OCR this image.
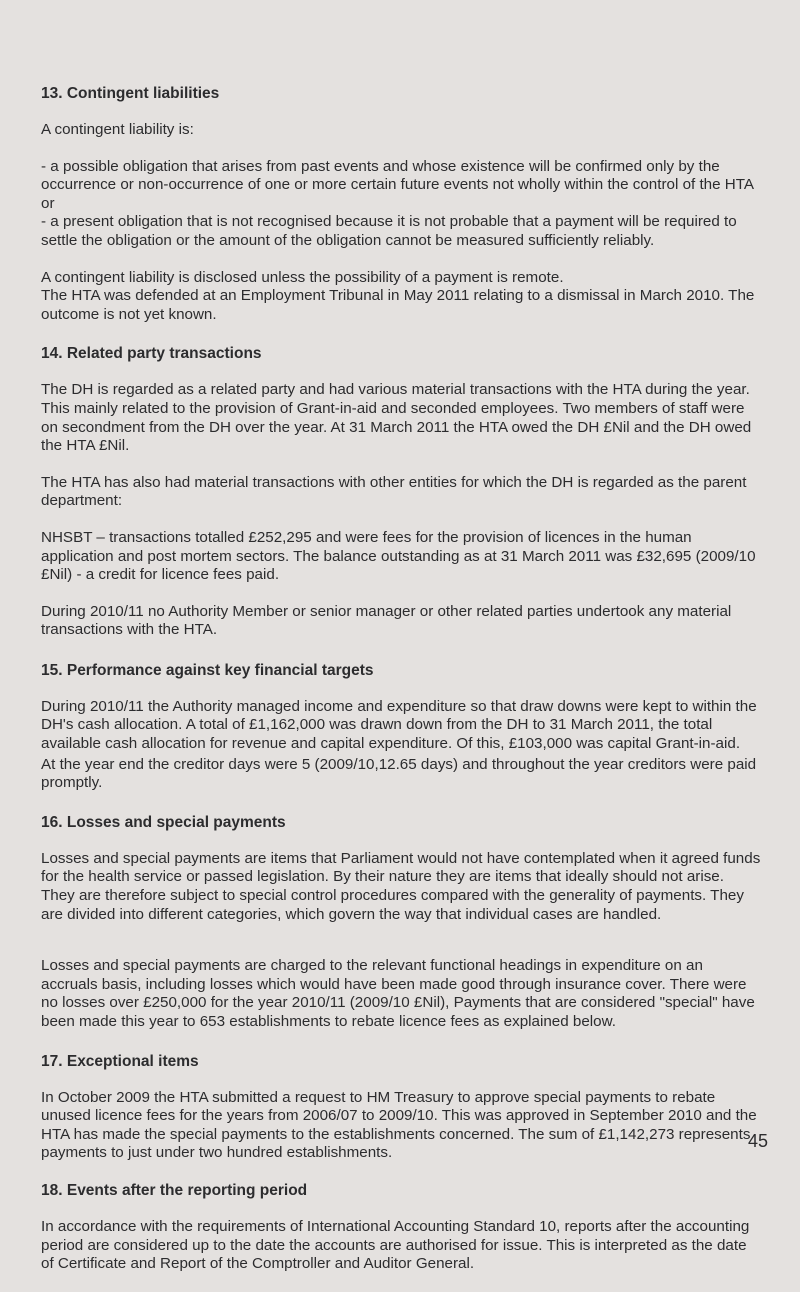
13. Contingent liabilities

A contingent liability is:

- a possible obligation that arises from past events and whose existence will be confirmed only by the occurrence or non-occurrence of one or more certain future events not wholly within the control of the HTA or

- a present obligation that is not recognised because it is not probable that a payment will be required to settle the obligation or the amount of the obligation cannot be measured sufficiently reliably.

A contingent liability is disclosed unless the possibility of a payment is remote.

The HTA was defended at an Employment Tribunal in May 2011 relating to a dismissal in March 2010. The outcome is not yet known.

14. Related party transactions

The DH is regarded as a related party and had various material transactions with the HTA during the year. This mainly related to the provision of Grant-in-aid and seconded employees. Two members of staff were on secondment from the DH over the year. At 31 March 2011 the HTA owed the DH £Nil and the DH owed the HTA £Nil.

The HTA has also had material transactions with other entities for which the DH is regarded as the parent department:

NHSBT – transactions totalled £252,295 and were fees for the provision of licences in the human application and post mortem sectors. The balance outstanding as at 31 March 2011 was £32,695 (2009/10 £Nil) - a credit for licence fees paid.

During 2010/11 no Authority Member or senior manager or other related parties undertook any material transactions with the HTA.

15. Performance against key financial targets

During 2010/11 the Authority managed income and expenditure so that draw downs were kept to within the DH's cash allocation. A total of £1,162,000 was drawn down from the DH to 31 March 2011, the total available cash allocation for revenue and capital expenditure. Of this, £103,000 was capital Grant-in-aid.

At the year end the creditor days were 5 (2009/10,12.65 days) and throughout the year creditors were paid promptly.

16. Losses and special payments

Losses and special payments are items that Parliament would not have contemplated when it agreed funds for the health service or passed legislation. By their nature they are items that ideally should not arise. They are therefore subject to special control procedures compared with the generality of payments. They are divided into different categories, which govern the way that individual cases are handled.

Losses and special payments are charged to the relevant functional headings in expenditure on an accruals basis, including losses which would have been made good through insurance cover. There were no losses over £250,000 for the year 2010/11 (2009/10 £Nil), Payments that are considered "special" have been made this year to 653 establishments to rebate licence fees as explained below.

17. Exceptional items

In October 2009 the HTA submitted a request to HM Treasury to approve special payments to rebate unused licence fees for the years from 2006/07 to 2009/10. This was approved in September 2010 and the HTA has made the special payments to the establishments concerned. The sum of £1,142,273 represents payments to just under two hundred establishments.

18. Events after the reporting period

In accordance with the requirements of International Accounting Standard 10, reports after the accounting period are considered up to the date the accounts are authorised for issue. This is interpreted as the date of Certificate and Report of the Comptroller and Auditor General.

45
